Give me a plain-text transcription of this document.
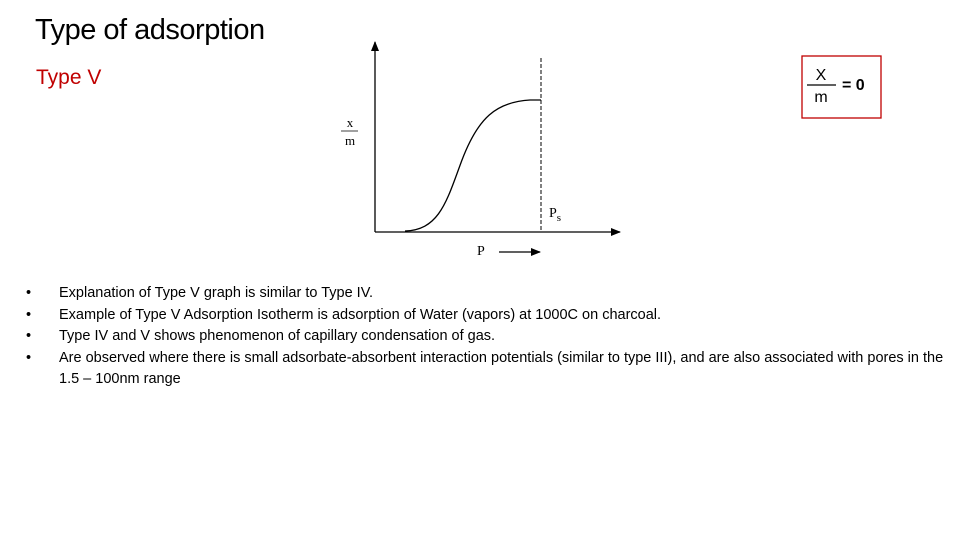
Type of adsorption
Type V
x
m
$P_s$
P
X
m
= 0
•	Explanation of Type V graph is similar to Type IV.
•	Example of Type V Adsorption Isotherm is adsorption of Water (vapors) at 1000C on charcoal.
•	Type IV and V shows phenomenon of capillary condensation of gas.
•	Are observed where there is small adsorbate-absorbent interaction potentials (similar to type III), and are also associated with pores in the 1.5 – 100nm range
